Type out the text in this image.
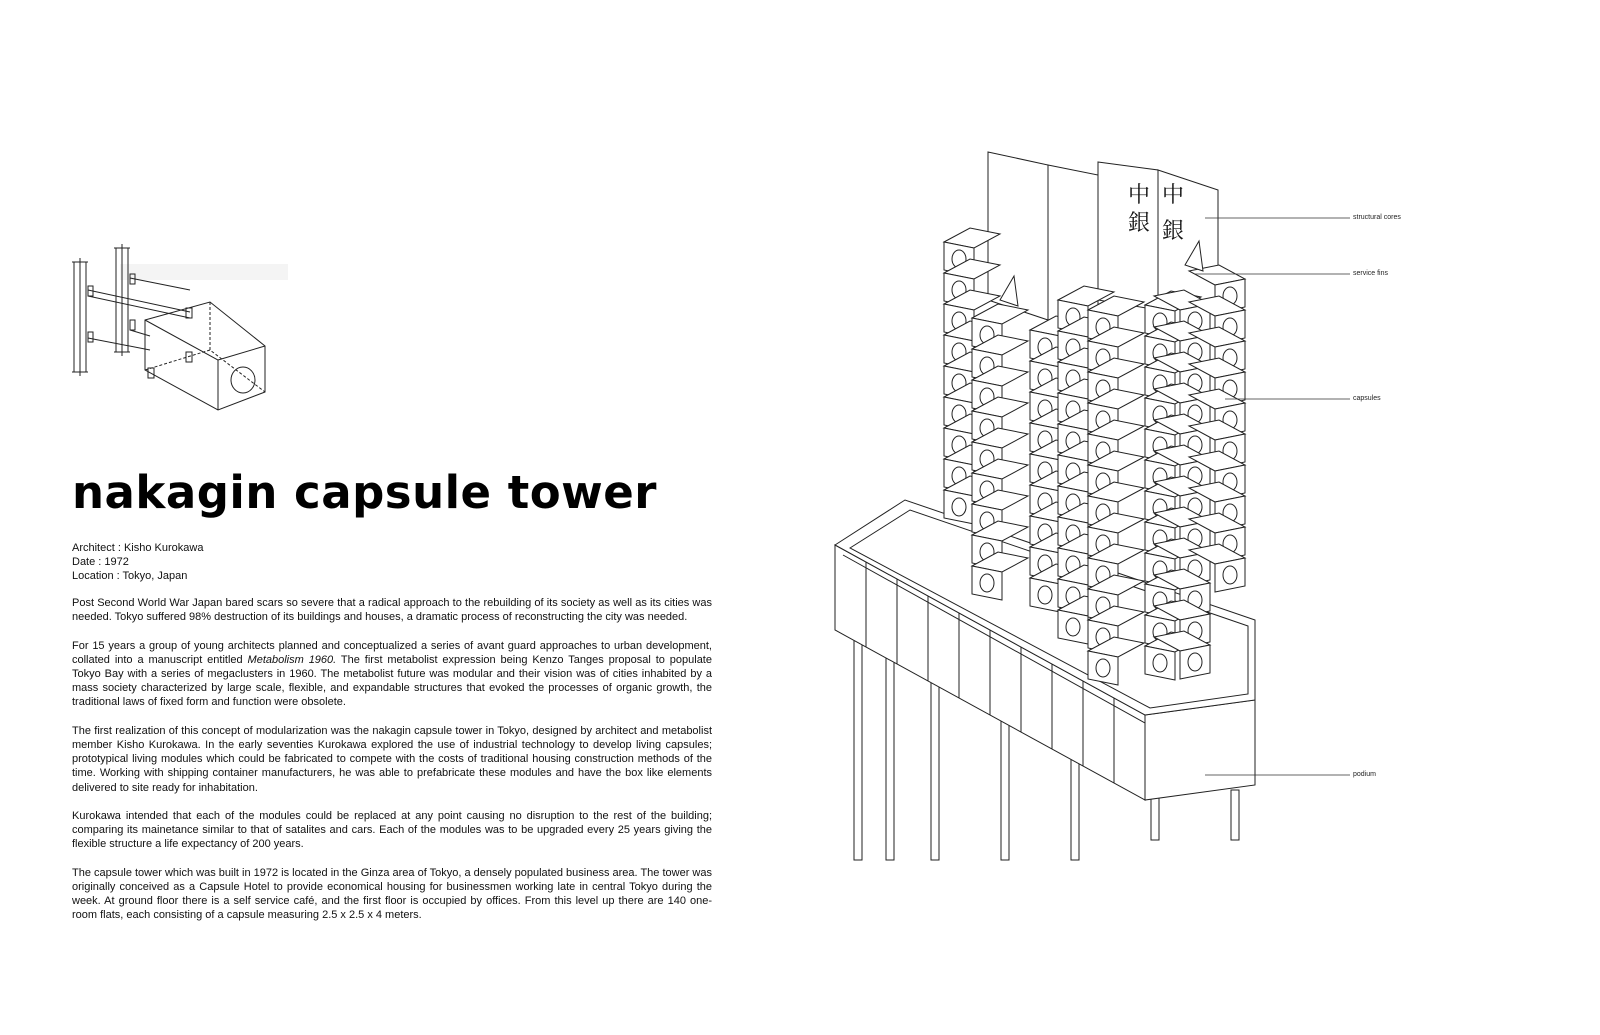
nakagin capsule tower
Architect : Kisho Kurokawa
Date : 1972
Location : Tokyo, Japan

Post Second World War Japan bared scars so severe that a radical approach to the rebuilding of its society as well as its cities was needed. Tokyo suffered 98% destruction of its buildings and houses, a dramatic process of reconstructing the city was needed.

For 15 years a group of young architects planned and conceptualized a series of avant guard approaches to urban development, collated into a manuscript entitled Metabolism 1960. The first metabolist expression being Kenzo Tanges proposal to populate Tokyo Bay with a series of megaclusters in 1960. The metabolist future was modular and their vision was of cities inhabited by a mass society characterized by large scale, flexible, and expandable structures that evoked the processes of organic growth, the traditional laws of fixed form and function were obsolete.

The first realization of this concept of modularization was the nakagin capsule tower in Tokyo, designed by architect and metabolist member Kisho Kurokawa. In the early seventies Kurokawa explored the use of industrial technology to develop living capsules; prototypical living modules which could be fabricated to compete with the costs of traditional housing construction methods of the time. Working with shipping container manufacturers, he was able to prefabricate these modules and have the box like elements delivered to site ready for inhabitation.

Kurokawa intended that each of the modules could be replaced at any point causing no disruption to the rest of the building; comparing its mainetance similar to that of satalites and cars. Each of the modules was to be upgraded every 25 years giving the flexible structure a life expectancy of 200 years.

The capsule tower which was built in 1972 is located in the Ginza area of Tokyo, a densely populated business area. The tower was originally conceived as a Capsule Hotel to provide economical housing for businessmen working late in central Tokyo during the week. At ground floor there is a self service café, and the first floor is occupied by offices. From this level up there are 140 one-room flats, each consisting of a capsule measuring 2.5 x 2.5 x 4 meters.

中
銀
中
銀
structural cores
service fins
capsules
podium
